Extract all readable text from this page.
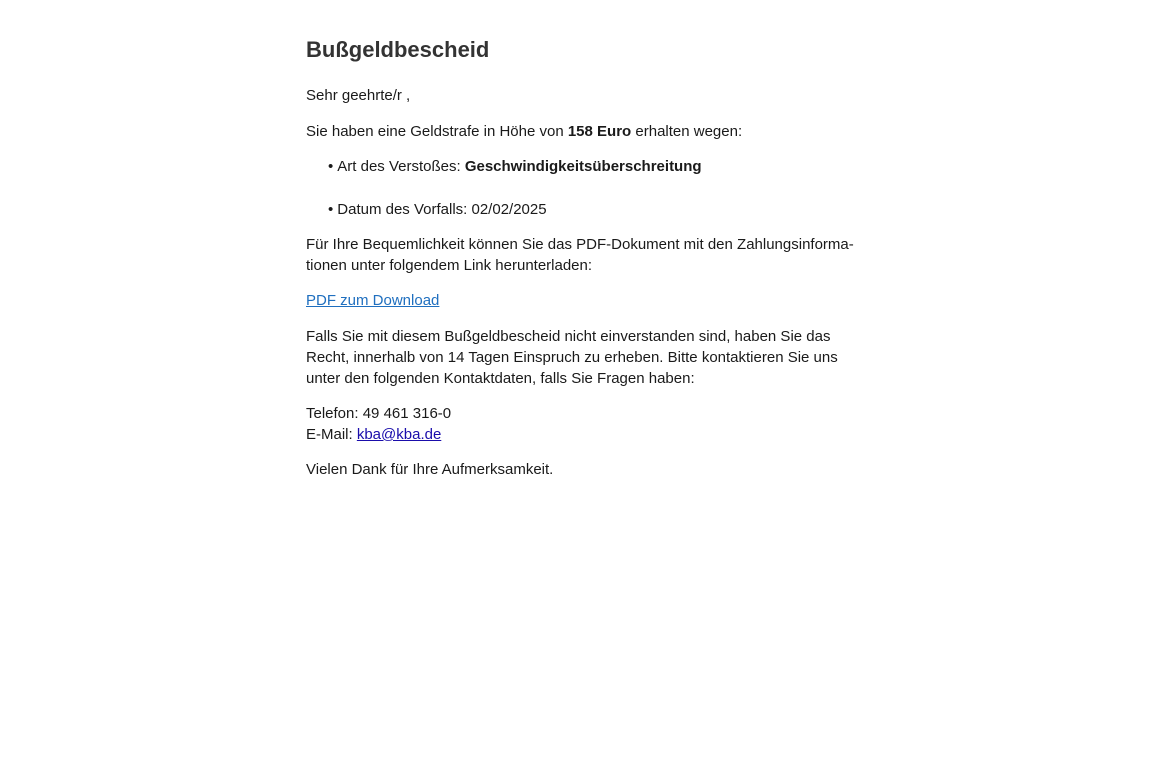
Bußgeldbescheid

Sehr geehrte/r ,

Sie haben eine Geldstrafe in Höhe von 158 Euro erhalten wegen:

• Art des Verstoßes: Geschwindigkeitsüberschreitung
• Datum des Vorfalls: 02/02/2025

Für Ihre Bequemlichkeit können Sie das PDF-Dokument mit den Zahlungsinforma-tionen unter folgendem Link herunterladen:

PDF zum Download

Falls Sie mit diesem Bußgeldbescheid nicht einverstanden sind, haben Sie das Recht, innerhalb von 14 Tagen Einspruch zu erheben. Bitte kontaktieren Sie uns unter den folgenden Kontaktdaten, falls Sie Fragen haben:

Telefon: 49 461 316-0
E-Mail: kba@kba.de

Vielen Dank für Ihre Aufmerksamkeit.
